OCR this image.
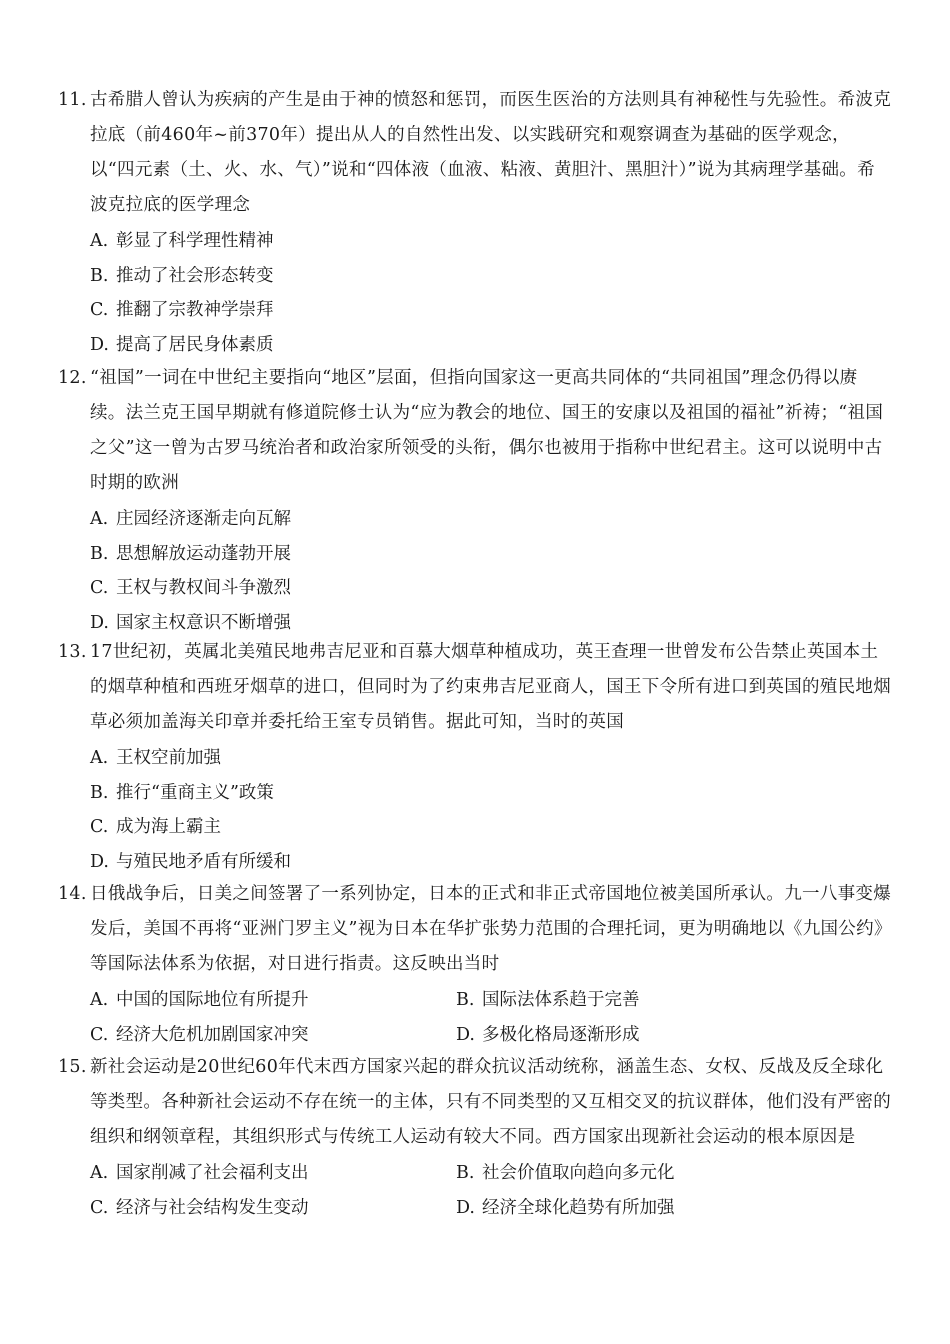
11. 古希腊人曾认为疾病的产生是由于神的愤怒和惩罚，而医生医治的方法则具有神秘性与先验性。希波克拉底（前460年~前370年）提出从人的自然性出发、以实践研究和观察调查为基础的医学观念，以“四元素（土、火、水、气）”说和“四体液（血液、粘液、黄胆汁、黑胆汁）”说为其病理学基础。希波克拉底的医学理念
A. 彰显了科学理性精神
B. 推动了社会形态转变
C. 推翻了宗教神学崇拜
D. 提高了居民身体素质
12. “祖国”一词在中世纪主要指向“地区”层面，但指向国家这一更高共同体的“共同祖国”理念仍得以赓续。法兰克王国早期就有修道院修士认为“应为教会的地位、国王的安康以及祖国的福祉”祈祷；“祖国之父”这一曾为古罗马统治者和政治家所领受的头衔，偶尔也被用于指称中世纪君主。这可以说明中古时期的欧洲
A. 庄园经济逐渐走向瓦解
B. 思想解放运动蓬勃开展
C. 王权与教权间斗争激烈
D. 国家主权意识不断增强
13. 17世纪初，英属北美殖民地弗吉尼亚和百慕大烟草种植成功，英王查理一世曾发布公告禁止英国本土的烟草种植和西班牙烟草的进口，但同时为了约束弗吉尼亚商人，国王下令所有进口到英国的殖民地烟草必须加盖海关印章并委托给王室专员销售。据此可知，当时的英国
A. 王权空前加强
B. 推行“重商主义”政策
C. 成为海上霸主
D. 与殖民地矛盾有所缓和
14. 日俄战争后，日美之间签署了一系列协定，日本的正式和非正式帝国地位被美国所承认。九一八事变爆发后，美国不再将“亚洲门罗主义”视为日本在华扩张势力范围的合理托词，更为明确地以《九国公约》等国际法体系为依据，对日进行指责。这反映出当时
A. 中国的国际地位有所提升	B. 国际法体系趋于完善
C. 经济大危机加剧国家冲突	D. 多极化格局逐渐形成
15. 新社会运动是20世纪60年代末西方国家兴起的群众抗议活动统称，涵盖生态、女权、反战及反全球化等类型。各种新社会运动不存在统一的主体，只有不同类型的又互相交叉的抗议群体，他们没有严密的组织和纲领章程，其组织形式与传统工人运动有较大不同。西方国家出现新社会运动的根本原因是
A. 国家削减了社会福利支出	B. 社会价值取向趋向多元化
C. 经济与社会结构发生变动	D. 经济全球化趋势有所加强
